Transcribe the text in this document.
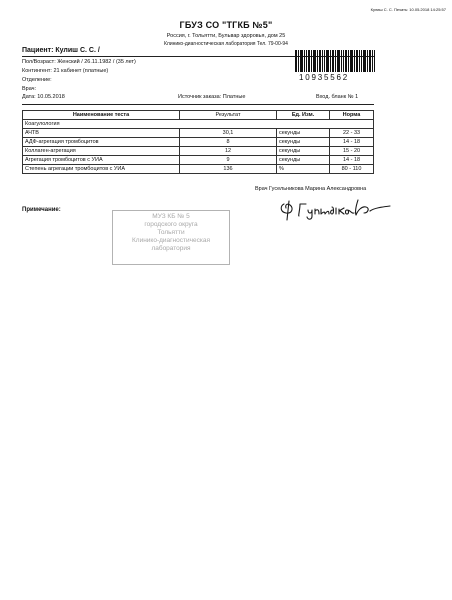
Кулиш С. С. Печать: 10.05.2018 14:25:57
ГБУЗ СО "ТГКБ №5"
Россия, г. Тольятти, Бульвар здоровья, дом 25
Клинико-диагностическая лаборатория Тел. 79-00-94
Пациент: Кулиш С. С. /
Пол/Возраст: Женский / 26.11.1982 / (35 лет)
Контингент: 21 кабинет (платные)
Отделение:
Врач:
Дата: 10.05.2018
10935562
Источник заказа: Платные	Вход. бланк № 1
Наименование теста	Результат	Ед. Изм.	Норма
Коагулология			
АЧТВ	30,1	секунды	22 - 33
АДФ-агрегация тромбоцитов	8	секунды	14 - 18
Коллаген-агрегация	12	секунды	15 - 20
Агрегация тромбоцитов с УИА	9	секунды	14 - 18
Степень агрегации тромбоцитов с УИА	136	%	80 - 110
Врач Гусельникова Марина Александровна
Примечание:
МУЗ КБ № 5
городского округа
Тольятти
Клинико-диагностическая
лаборатория
